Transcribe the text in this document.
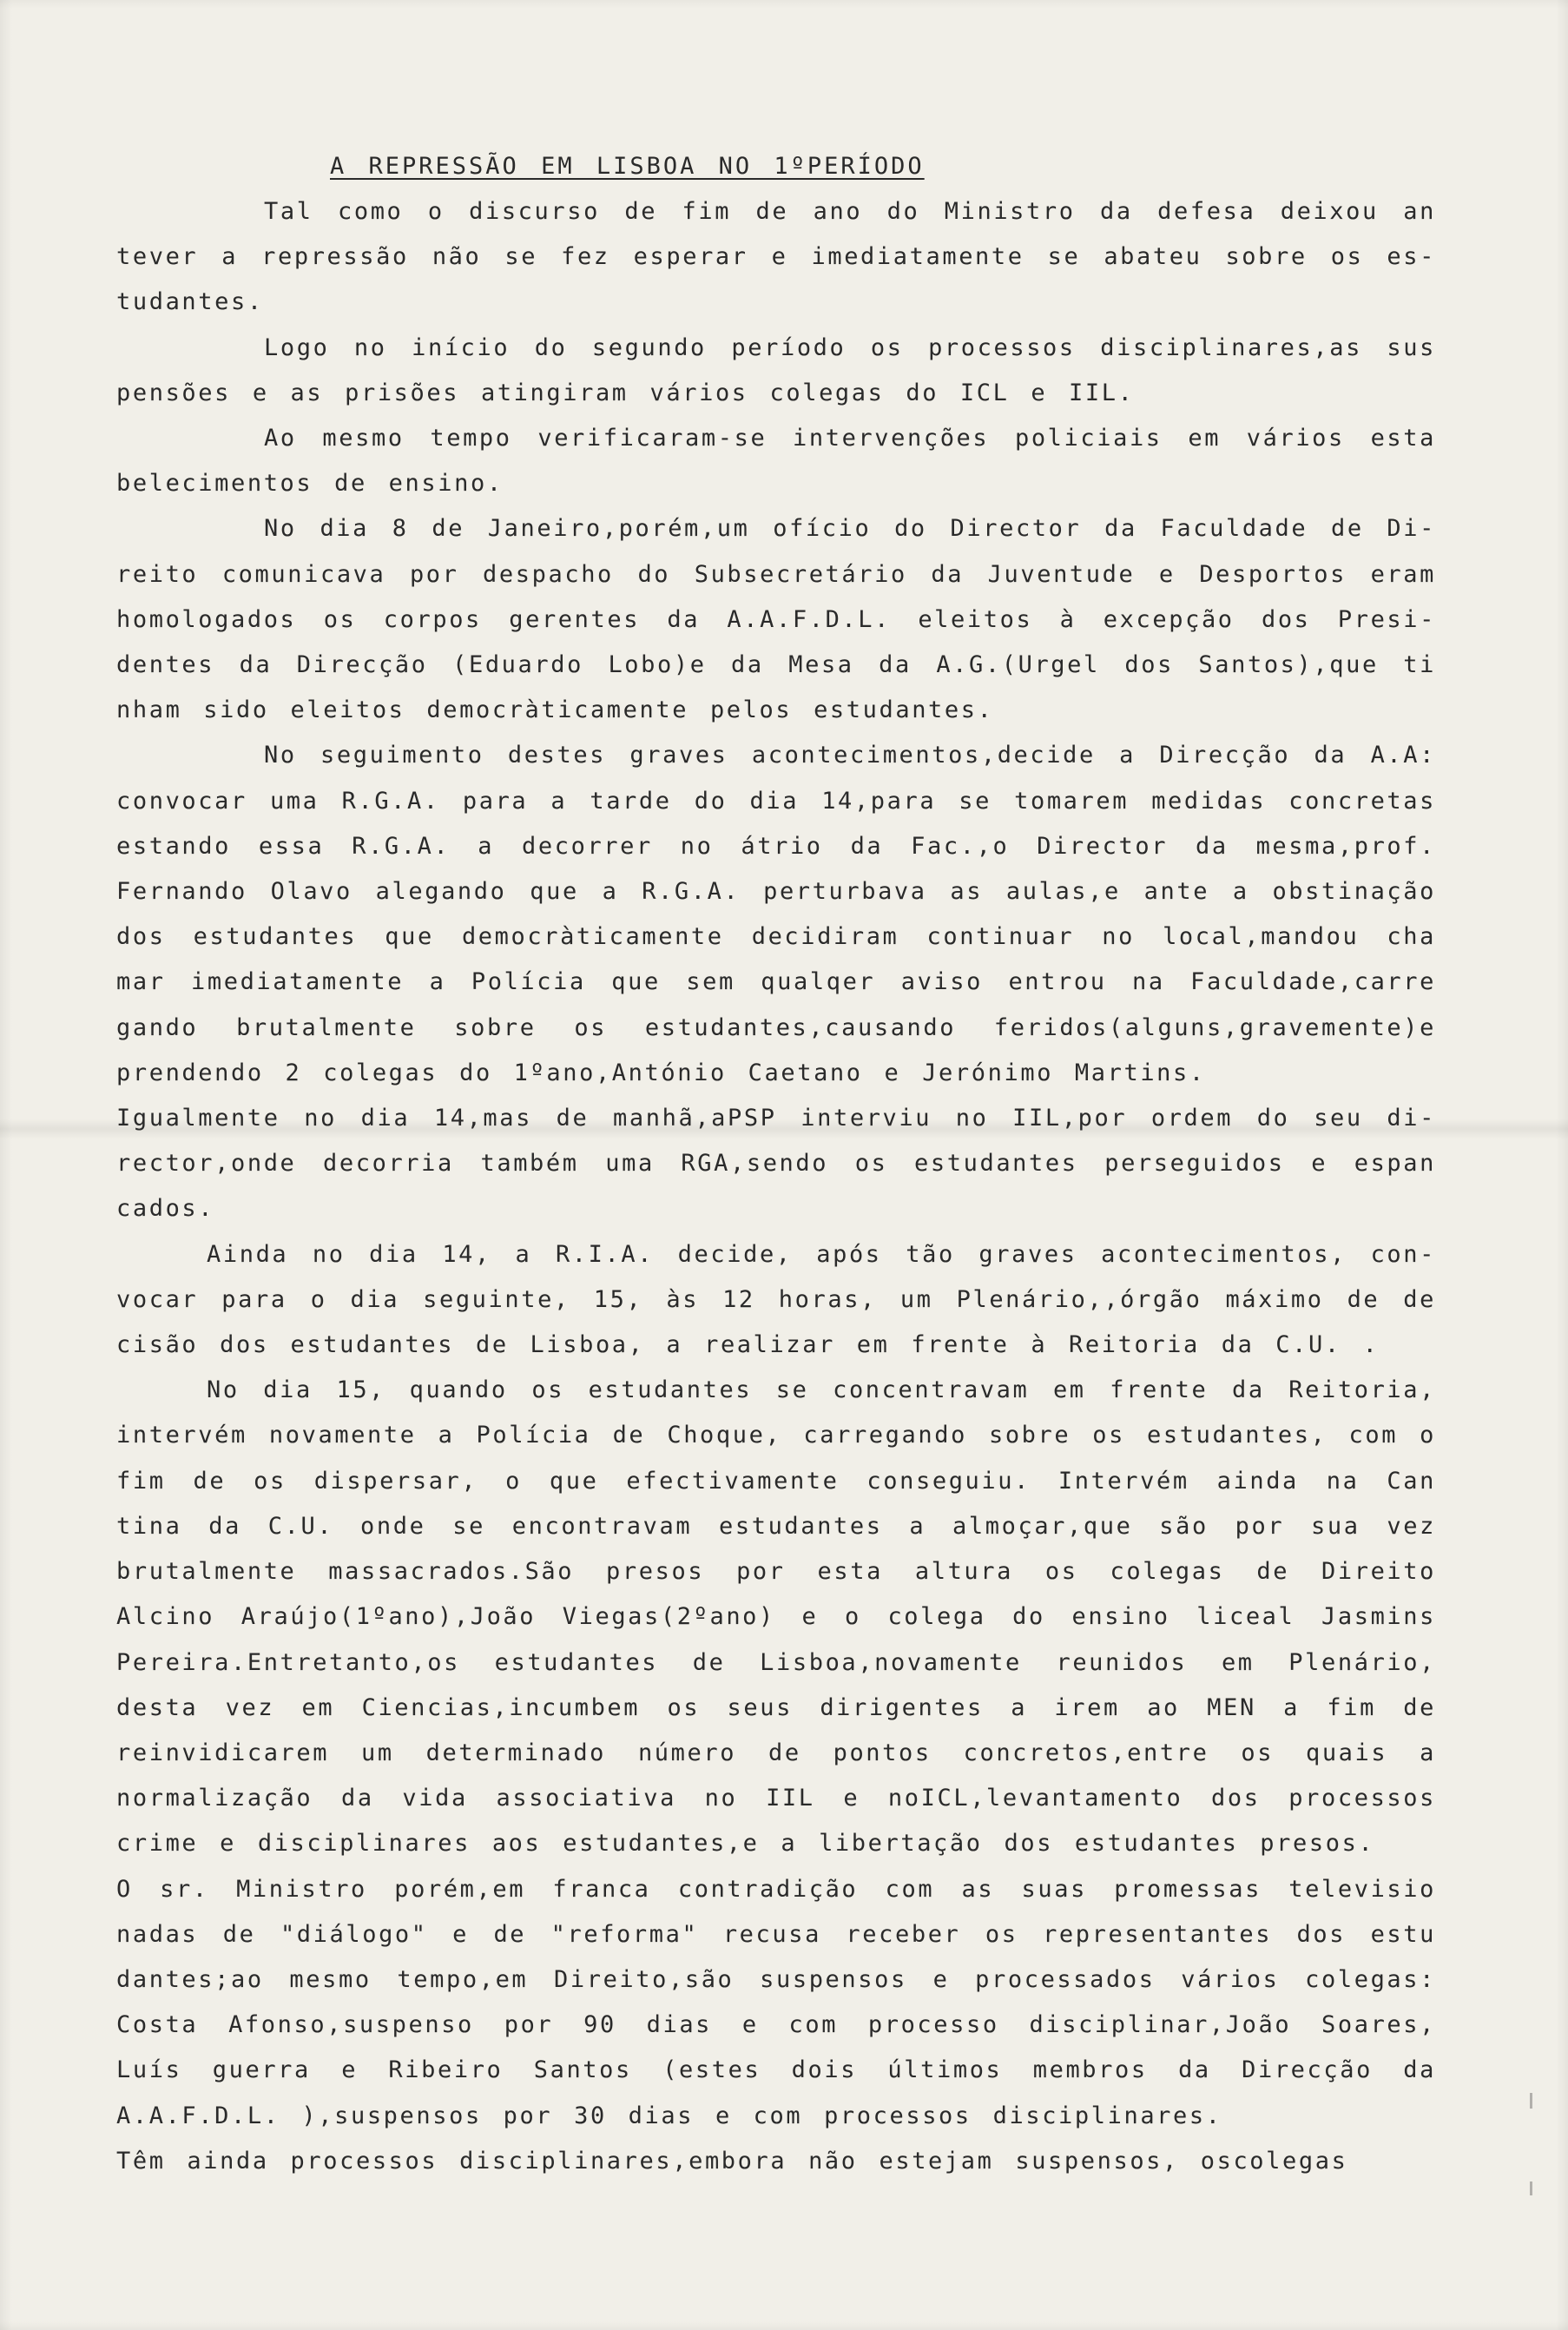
A REPRESSÃO EM LISBOA NO 1ºPERÍODO

Tal como o discurso de fim de ano do Ministro da defesa deixou an tever a repressão não se fez esperar e imediatamente se abateu sobre os es- tudantes.

Logo no início do segundo período os processos disciplinares,as sus pensões e as prisões atingiram vários colegas do ICL e IIL.

Ao mesmo tempo verificaram-se intervenções policiais em vários esta belecimentos de ensino.

No dia 8 de Janeiro,porém,um ofício do Director da Faculdade de Di- reito comunicava por despacho do Subsecretário da Juventude e Desportos eram homologados os corpos gerentes da A.A.F.D.L. eleitos à excepção dos Presi- dentes da Direcção (Eduardo Lobo)e da Mesa da A.G.(Urgel dos Santos),que ti nham sido eleitos democràticamente pelos estudantes.

No seguimento destes graves acontecimentos,decide a Direcção da A.A: convocar uma R.G.A. para a tarde do dia 14,para se tomarem medidas concretas estando essa R.G.A. a decorrer no átrio da Fac.,o Director da mesma,prof. Fernando Olavo alegando que a R.G.A. perturbava as aulas,e ante a obstinação dos estudantes que democràticamente decidiram continuar no local,mandou cha mar imediatamente a Polícia que sem qualqer aviso entrou na Faculdade,carre gando brutalmente sobre os estudantes,causando feridos(alguns,gravemente)e prendendo 2 colegas do 1ºano,António Caetano e Jerónimo Martins.

Igualmente no dia 14,mas de manhã,aPSP interviu no IIL,por ordem do seu di- rector,onde decorria também uma RGA,sendo os estudantes perseguidos e espan cados.

Ainda no dia 14, a R.I.A. decide, após tão graves acontecimentos, con- vocar para o dia seguinte, 15, às 12 horas, um Plenário,,órgão máximo de de cisão dos estudantes de Lisboa, a realizar em frente à Reitoria da C.U. .

No dia 15, quando os estudantes se concentravam em frente da Reitoria, intervém novamente a Polícia de Choque, carregando sobre os estudantes, com o fim de os dispersar, o que efectivamente conseguiu. Intervém ainda na Can tina da C.U. onde se encontravam estudantes a almoçar,que são por sua vez brutalmente massacrados.São presos por esta altura os colegas de Direito Alcino Araújo(1ºano),João Viegas(2ºano) e o colega do ensino liceal Jasmins Pereira.Entretanto,os estudantes de Lisboa,novamente reunidos em Plenário, desta vez em Ciencias,incumbem os seus dirigentes a irem ao MEN a fim de reinvidicarem um determinado número de pontos concretos,entre os quais a normalização da vida associativa no IIL e noICL,levantamento dos processos crime e disciplinares aos estudantes,e a libertação dos estudantes presos.

O sr. Ministro porém,em franca contradição com as suas promessas televisio nadas de "diálogo" e de "reforma" recusa receber os representantes dos estu dantes;ao mesmo tempo,em Direito,são suspensos e processados vários colegas: Costa Afonso,suspenso por 90 dias e com processo disciplinar,João Soares, Luís guerra e Ribeiro Santos (estes dois últimos membros da Direcção da A.A.F.D.L. ),suspensos por 30 dias e com processos disciplinares.

Têm ainda processos disciplinares,embora não estejam suspensos, oscolegas
